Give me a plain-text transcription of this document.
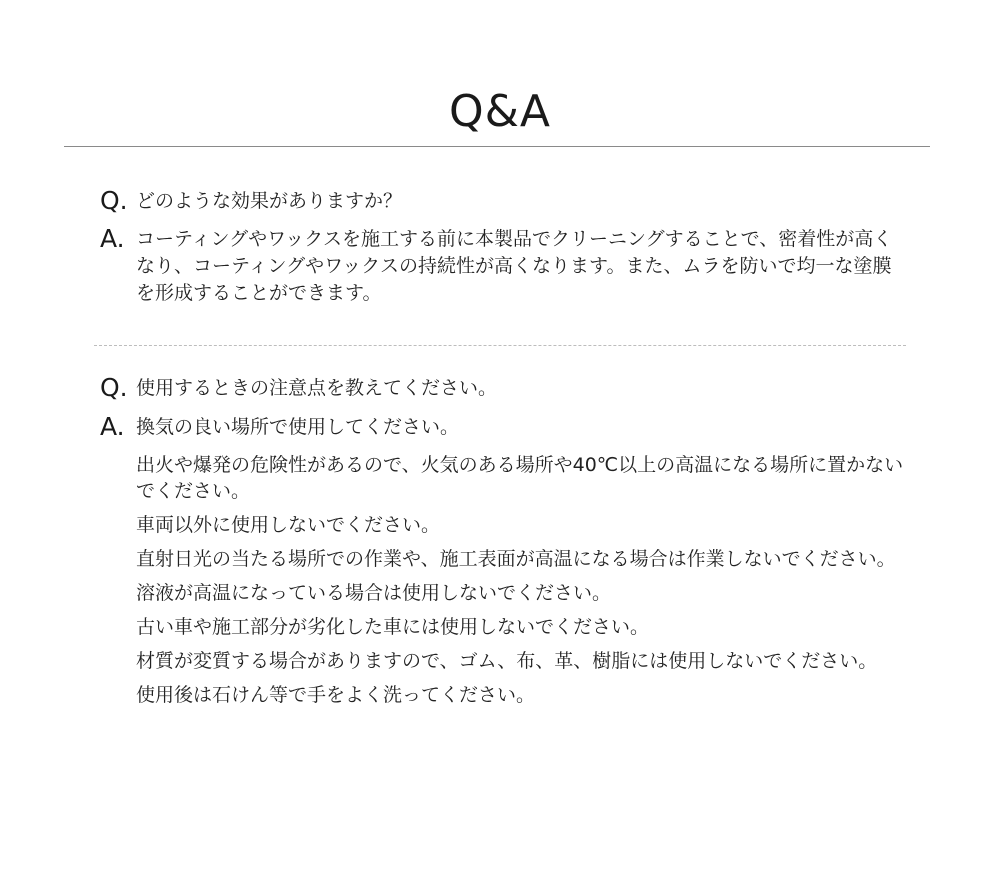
Q&A
Q. どのような効果がありますか？

A. コーティングやワックスを施工する前に本製品でクリーニングすることで、密着性が高くなり、コーティングやワックスの持続性が高くなります。また、ムラを防いで均一な塗膜を形成することができます。

Q. 使用するときの注意点を教えてください。

A. 換気の良い場所で使用してください。

出火や爆発の危険性があるので、火気のある場所や40℃以上の高温になる場所に置かないでください。
車両以外に使用しないでください。
直射日光の当たる場所での作業や、施工表面が高温になる場合は作業しないでください。
溶液が高温になっている場合は使用しないでください。
古い車や施工部分が劣化した車には使用しないでください。
材質が変質する場合がありますので、ゴム、布、革、樹脂には使用しないでください。
使用後は石けん等で手をよく洗ってください。
